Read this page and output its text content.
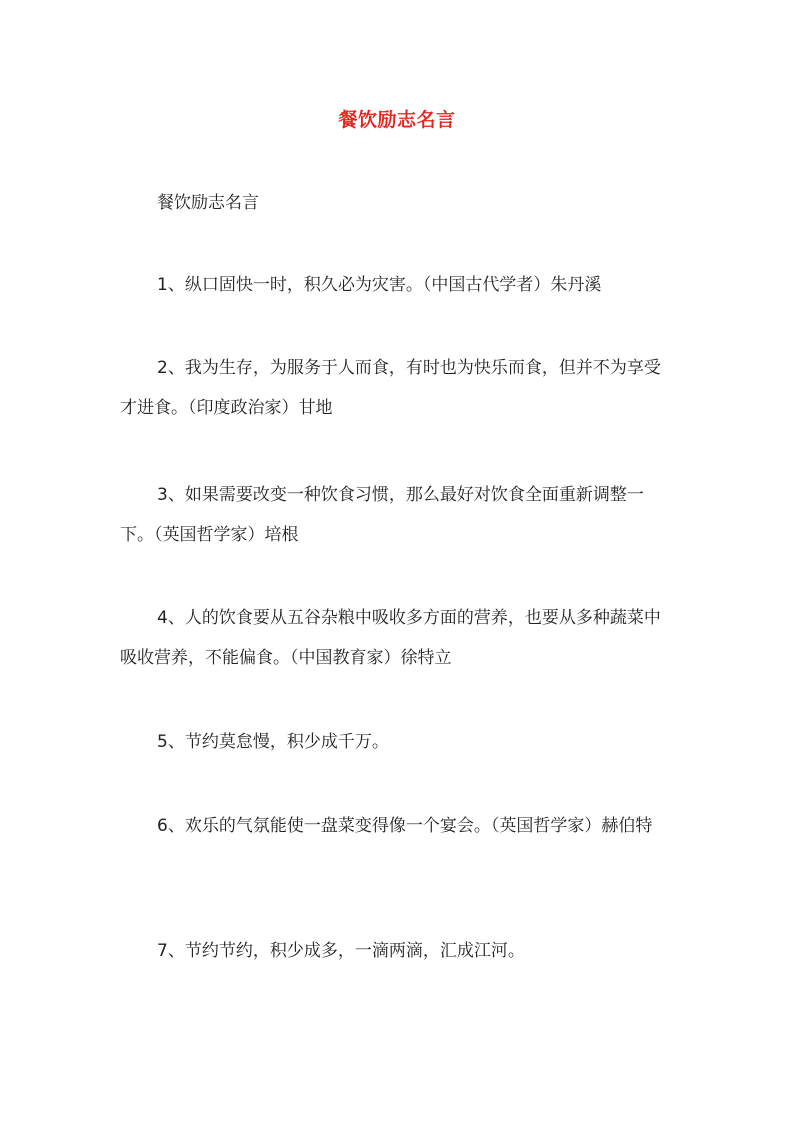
餐饮励志名言

餐饮励志名言

1、纵口固快一时，积久必为灾害。（中国古代学者）朱丹溪

2、我为生存，为服务于人而食，有时也为快乐而食，但并不为享受才进食。（印度政治家）甘地

3、如果需要改变一种饮食习惯，那么最好对饮食全面重新调整一下。（英国哲学家）培根

4、人的饮食要从五谷杂粮中吸收多方面的营养，也要从多种蔬菜中吸收营养，不能偏食。（中国教育家）徐特立

5、节约莫怠慢，积少成千万。

6、欢乐的气氛能使一盘菜变得像一个宴会。（英国哲学家）赫伯特

7、节约节约，积少成多，一滴两滴，汇成江河。
